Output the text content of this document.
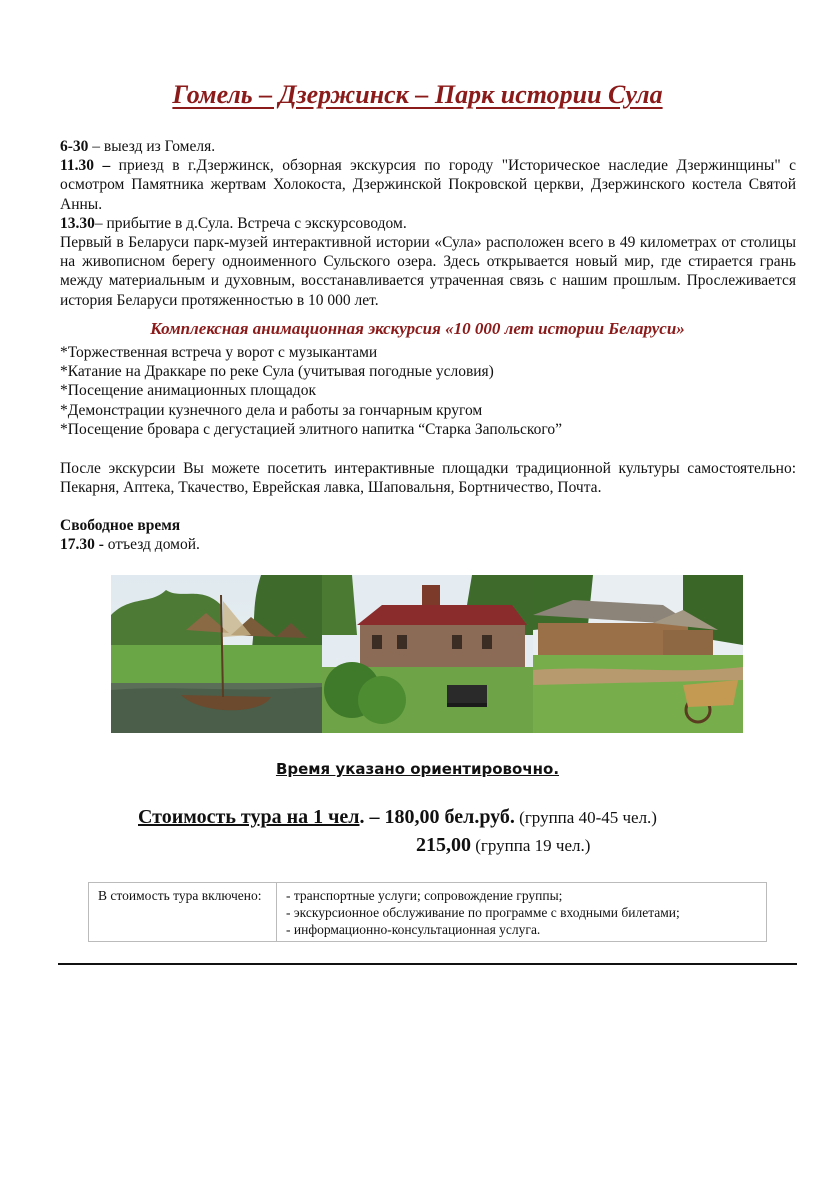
Гомель – Дзержинск – Парк истории Сула

6-30 – выезд из Гомеля.

11.30 – приезд в г.Дзержинск, обзорная экскурсия по городу "Историческое наследие Дзержинщины" с осмотром Памятника жертвам Холокоста, Дзержинской Покровской церкви, Дзержинского костела Святой Анны.

13.30– прибытие в д.Сула. Встреча с экскурсоводом.

Первый в Беларуси парк-музей интерактивной истории «Сула» расположен всего в 49 километрах от столицы на живописном берегу одноименного Сульского озера. Здесь открывается новый мир, где стирается грань между материальным и духовным, восстанавливается утраченная связь с нашим прошлым. Прослеживается история Беларуси протяженностью в 10 000 лет.

Комплексная анимационная экскурсия «10 000 лет истории Беларуси»

*Торжественная встреча у ворот с музыкантами

*Катание на Драккаре по реке Сула (учитывая погодные условия)

*Посещение анимационных площадок

*Демонстрации кузнечного дела и работы за гончарным кругом

*Посещение бровара с дегустацией элитного напитка “Старка Запольского”

После экскурсии Вы можете посетить интерактивные площадки традиционной культуры самостоятельно: Пекарня, Аптека, Ткачество, Еврейская лавка, Шаповальня, Бортничество, Почта.

Свободное время

17.30 - отъезд домой.

Время указано ориентировочно.
Стоимость тура на 1 чел. – 180,00 бел.руб. (группа 40-45 чел.)
215,00 (группа 19 чел.)
В стоимость тура включено:	- транспортные услуги; сопровождение группы;
- экскурсионное обслуживание по программе с входными билетами;
- информационно-консультационная услуга.
